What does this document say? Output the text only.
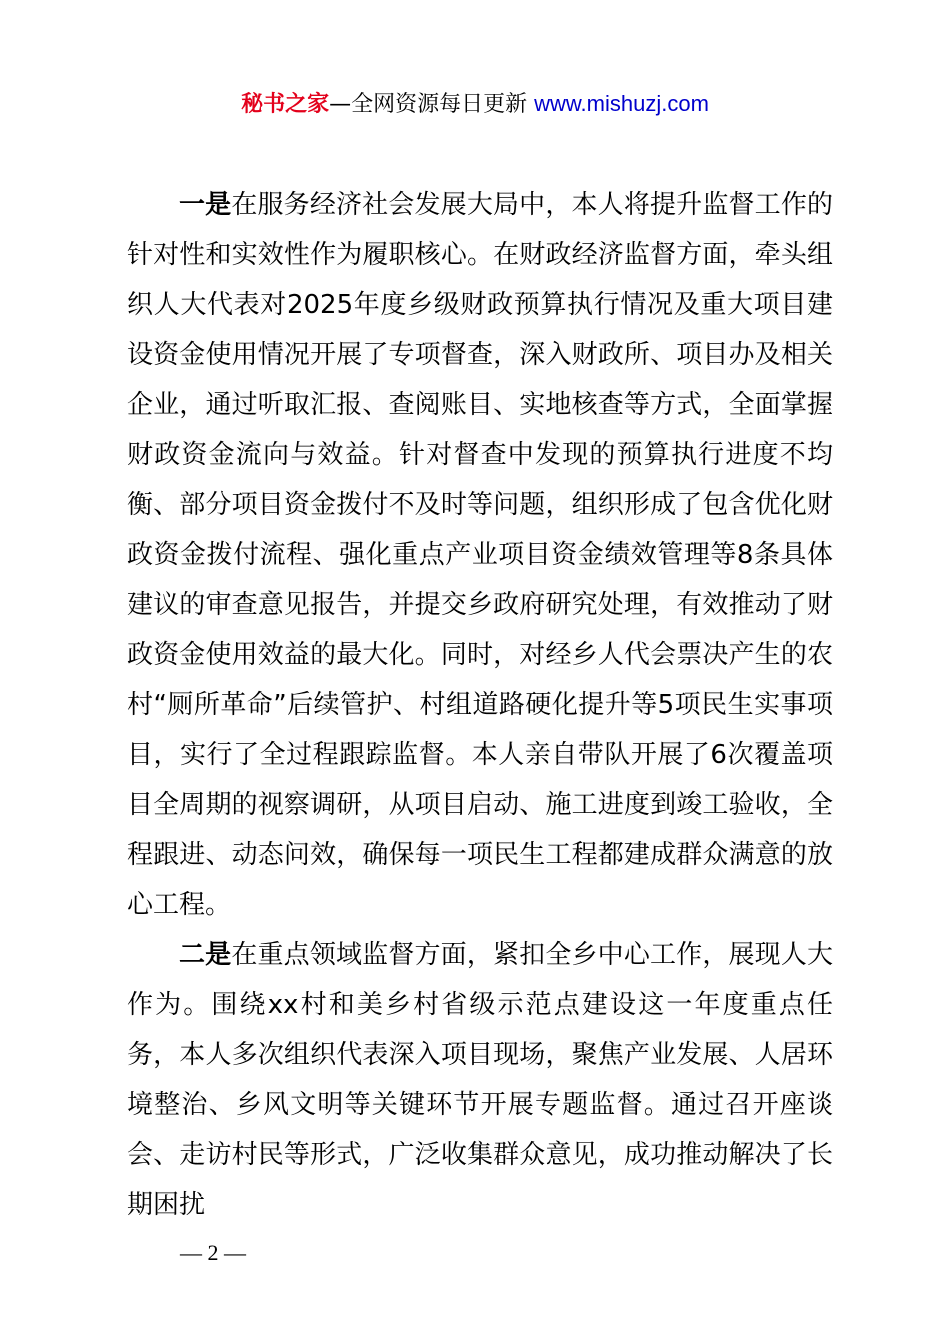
秘书之家—全网资源每日更新 www.mishuzj.com

一是在服务经济社会发展大局中，本人将提升监督工作的针对性和实效性作为履职核心。在财政经济监督方面，牵头组织人大代表对2025年度乡级财政预算执行情况及重大项目建设资金使用情况开展了专项督查，深入财政所、项目办及相关企业，通过听取汇报、查阅账目、实地核查等方式，全面掌握财政资金流向与效益。针对督查中发现的预算执行进度不均衡、部分项目资金拨付不及时等问题，组织形成了包含优化财政资金拨付流程、强化重点产业项目资金绩效管理等8条具体建议的审查意见报告，并提交乡政府研究处理，有效推动了财政资金使用效益的最大化。同时，对经乡人代会票决产生的农村“厕所革命”后续管护、村组道路硬化提升等5项民生实事项目，实行了全过程跟踪监督。本人亲自带队开展了6次覆盖项目全周期的视察调研，从项目启动、施工进度到竣工验收，全程跟进、动态问效，确保每一项民生工程都建成群众满意的放心工程。

二是在重点领域监督方面，紧扣全乡中心工作，展现人大作为。围绕xx村和美乡村省级示范点建设这一年度重点任务，本人多次组织代表深入项目现场，聚焦产业发展、人居环境整治、乡风文明等关键环节开展专题监督。通过召开座谈会、走访村民等形式，广泛收集群众意见，成功推动解决了长期困扰

— 2 —
